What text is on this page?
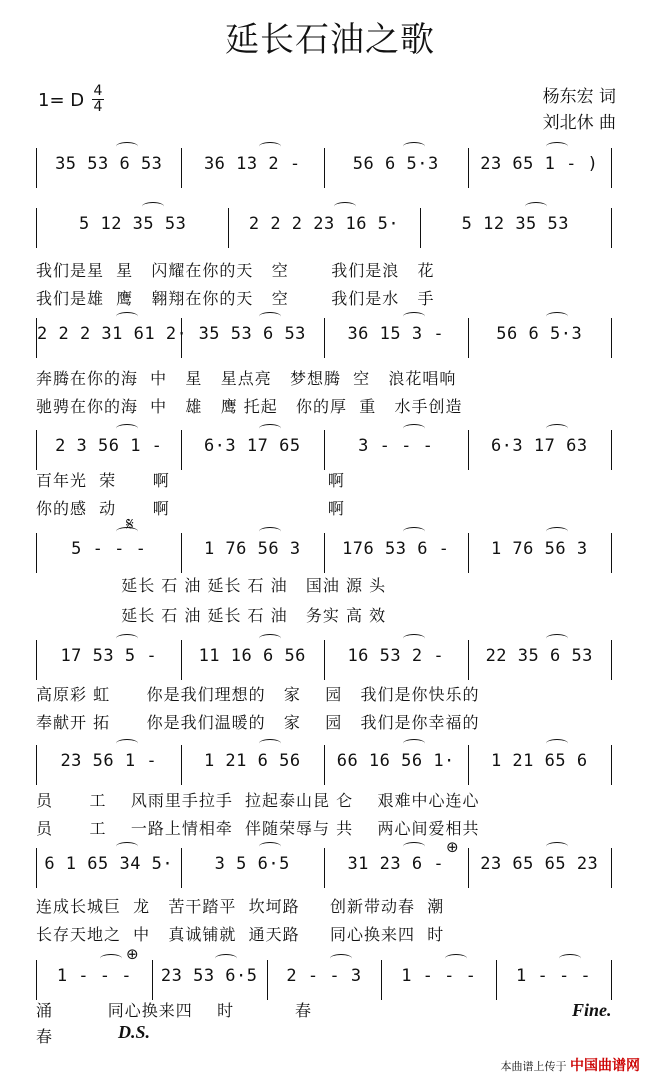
延长石油之歌
1= D 4
4	杨东宏 词
刘北休 曲
35 53 6 53	36 13 2 -	56 6 5·3	23 65 1 - )
5 12 35 53	2 2 2 23 16 5·	5 12 35 53
我们是星  星   闪耀在你的天   空       我们是浪   花
我们是雄  鹰   翱翔在你的天   空       我们是水   手
2 2 2 31 61 2· 35 53 6 53	36 15 3 -	56 6 5·3
奔腾在你的海  中   星   星点亮   梦想腾  空   浪花唱响
驰骋在你的海  中   雄   鹰 托起   你的厚  重   水手创造
2 3 56 1 -	6·3 17 65	3 - - -	6·3 17 63
百年光  荣      啊                          啊
你的感  动      啊                          啊
5 - - -	1 76 56 3	176 53 6 -	1 76 56 3
延长 石 油 延长 石 油   国油 源 头
延长 石 油 延长 石 油   务实 高 效
17 53 5 -	11 16 6 56	16 53 2 -	22 35 6 53
高原彩 虹      你是我们理想的   家    园   我们是你快乐的
奉献开 拓      你是我们温暖的   家    园   我们是你幸福的
23 56 1 -	1 21 6 56	66 16 56 1·	1 21 65 6
员      工    风雨里手拉手  拉起泰山昆 仑    艰难中心连心
员      工    一路上情相牵  伴随荣辱与 共    两心间爱相共
6 1 65 34 5·	3 5 6·5	31 23 6 -	23 65 65 23
连成长城巨  龙   苦干踏平  坎坷路     创新带动春  潮
长存天地之  中   真诚铺就  通天路     同心换来四  时
1 - - -	23 53 6·5	2 - - 3	1 - - -	1 - - -
涌         同心换来四    时          春
春
Fine.
D.S.
𝄋
⊕
⊕
本曲谱上传于 中国曲谱网
